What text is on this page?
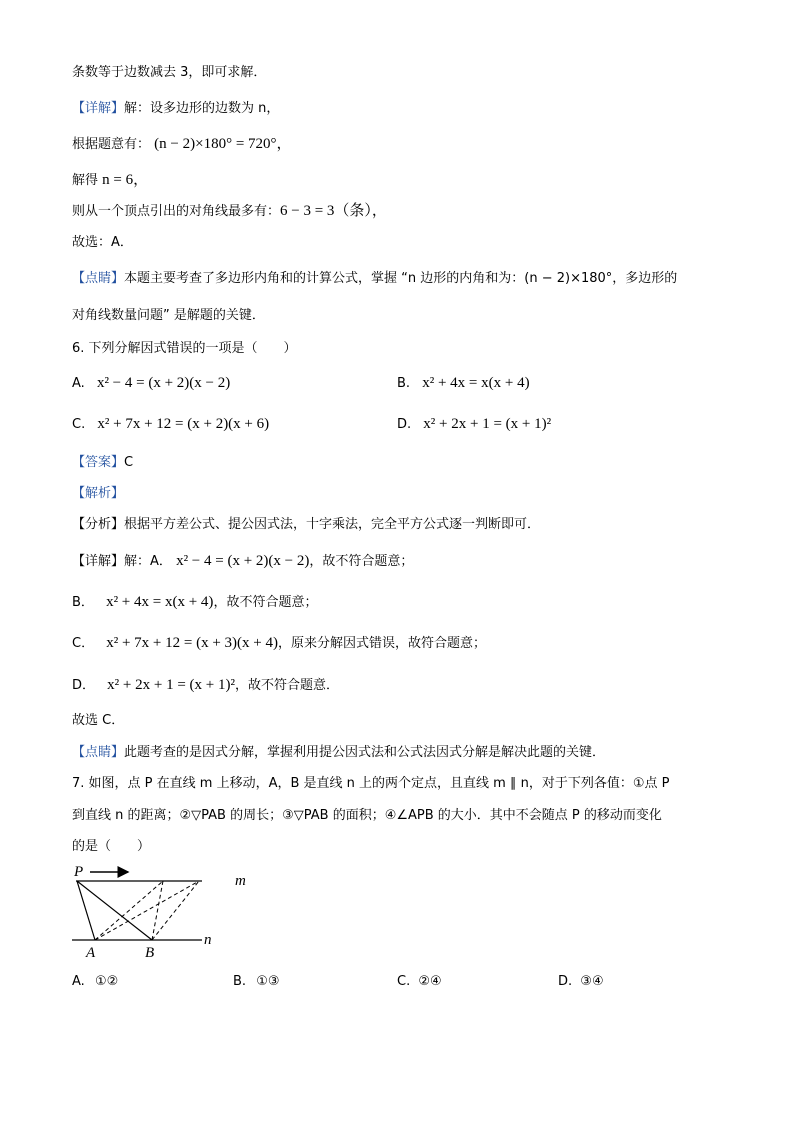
条数等于边数减去 3，即可求解．
【详解】解：设多边形的边数为 n，
根据题意有： (n − 2)×180° = 720°，
解得 n = 6，
则从一个顶点引出的对角线最多有：6 − 3 = 3（条），
故选：A．
【点睛】本题主要考查了多边形内角和的计算公式，掌握 “n 边形的内角和为：(n − 2)×180°，多边形的
对角线数量问题” 是解题的关键．
6. 下列分解因式错误的一项是（　　）
A. x² − 4 = (x + 2)(x − 2)	B. x² + 4x = x(x + 4)
C. x² + 7x + 12 = (x + 2)(x + 6)	D. x² + 2x + 1 = (x + 1)²
【答案】C
【解析】
【分析】根据平方差公式、提公因式法，十字乘法，完全平方公式逐一判断即可．
【详解】解：A． x² − 4 = (x + 2)(x − 2)，故不符合题意；
B． x² + 4x = x(x + 4)，故不符合题意；
C． x² + 7x + 12 = (x + 3)(x + 4)，原来分解因式错误，故符合题意；
D． x² + 2x + 1 = (x + 1)²，故不符合题意．
故选 C．
【点睛】此题考查的是因式分解，掌握利用提公因式法和公式法因式分解是解决此题的关键．
7. 如图，点 P 在直线 m 上移动，A，B 是直线 n 上的两个定点，且直线 m ∥ n，对于下列各值：①点 P
到直线 n 的距离；②▽PAB 的周长；③▽PAB 的面积；④∠APB 的大小．其中不会随点 P 的移动而变化
的是（　　）
P
m
n
A	B
A. ①②	B. ①③	C. ②④	D. ③④
